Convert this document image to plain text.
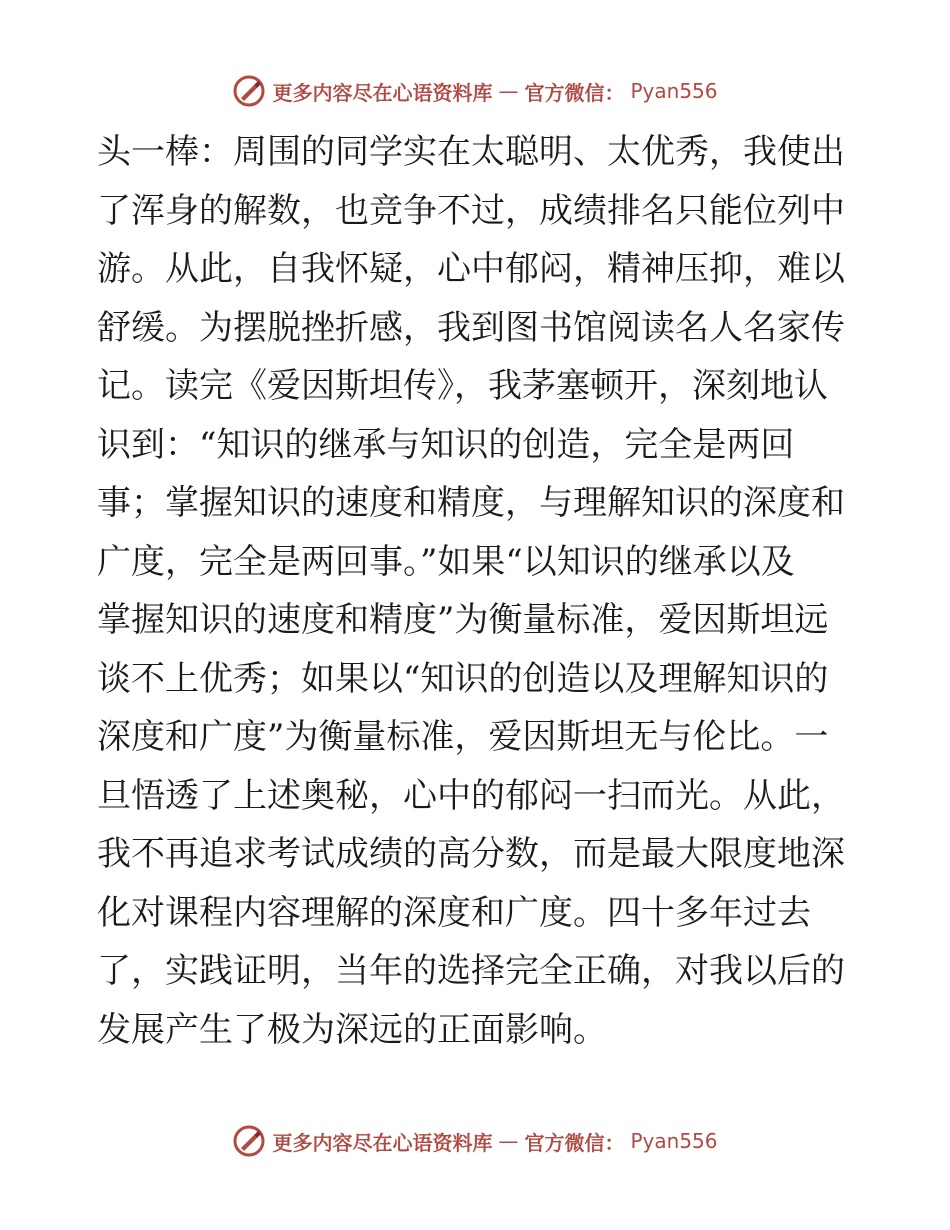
更多内容尽在心语资料库 — 官方微信： Pyan556
头一棒：周围的同学实在太聪明、太优秀，我使出
了浑身的解数，也竞争不过，成绩排名只能位列中
游。从此，自我怀疑，心中郁闷，精神压抑，难以
舒缓。为摆脱挫折感，我到图书馆阅读名人名家传
记。读完《爱因斯坦传》，我茅塞顿开，深刻地认
识到：“知识的继承与知识的创造，完全是两回
事；掌握知识的速度和精度，与理解知识的深度和
广度，完全是两回事。”如果“以知识的继承以及
掌握知识的速度和精度”为衡量标准，爱因斯坦远
谈不上优秀；如果以“知识的创造以及理解知识的
深度和广度”为衡量标准，爱因斯坦无与伦比。一
旦悟透了上述奥秘，心中的郁闷一扫而光。从此，
我不再追求考试成绩的高分数，而是最大限度地深
化对课程内容理解的深度和广度。四十多年过去
了，实践证明，当年的选择完全正确，对我以后的
发展产生了极为深远的正面影响。
更多内容尽在心语资料库 — 官方微信： Pyan556
